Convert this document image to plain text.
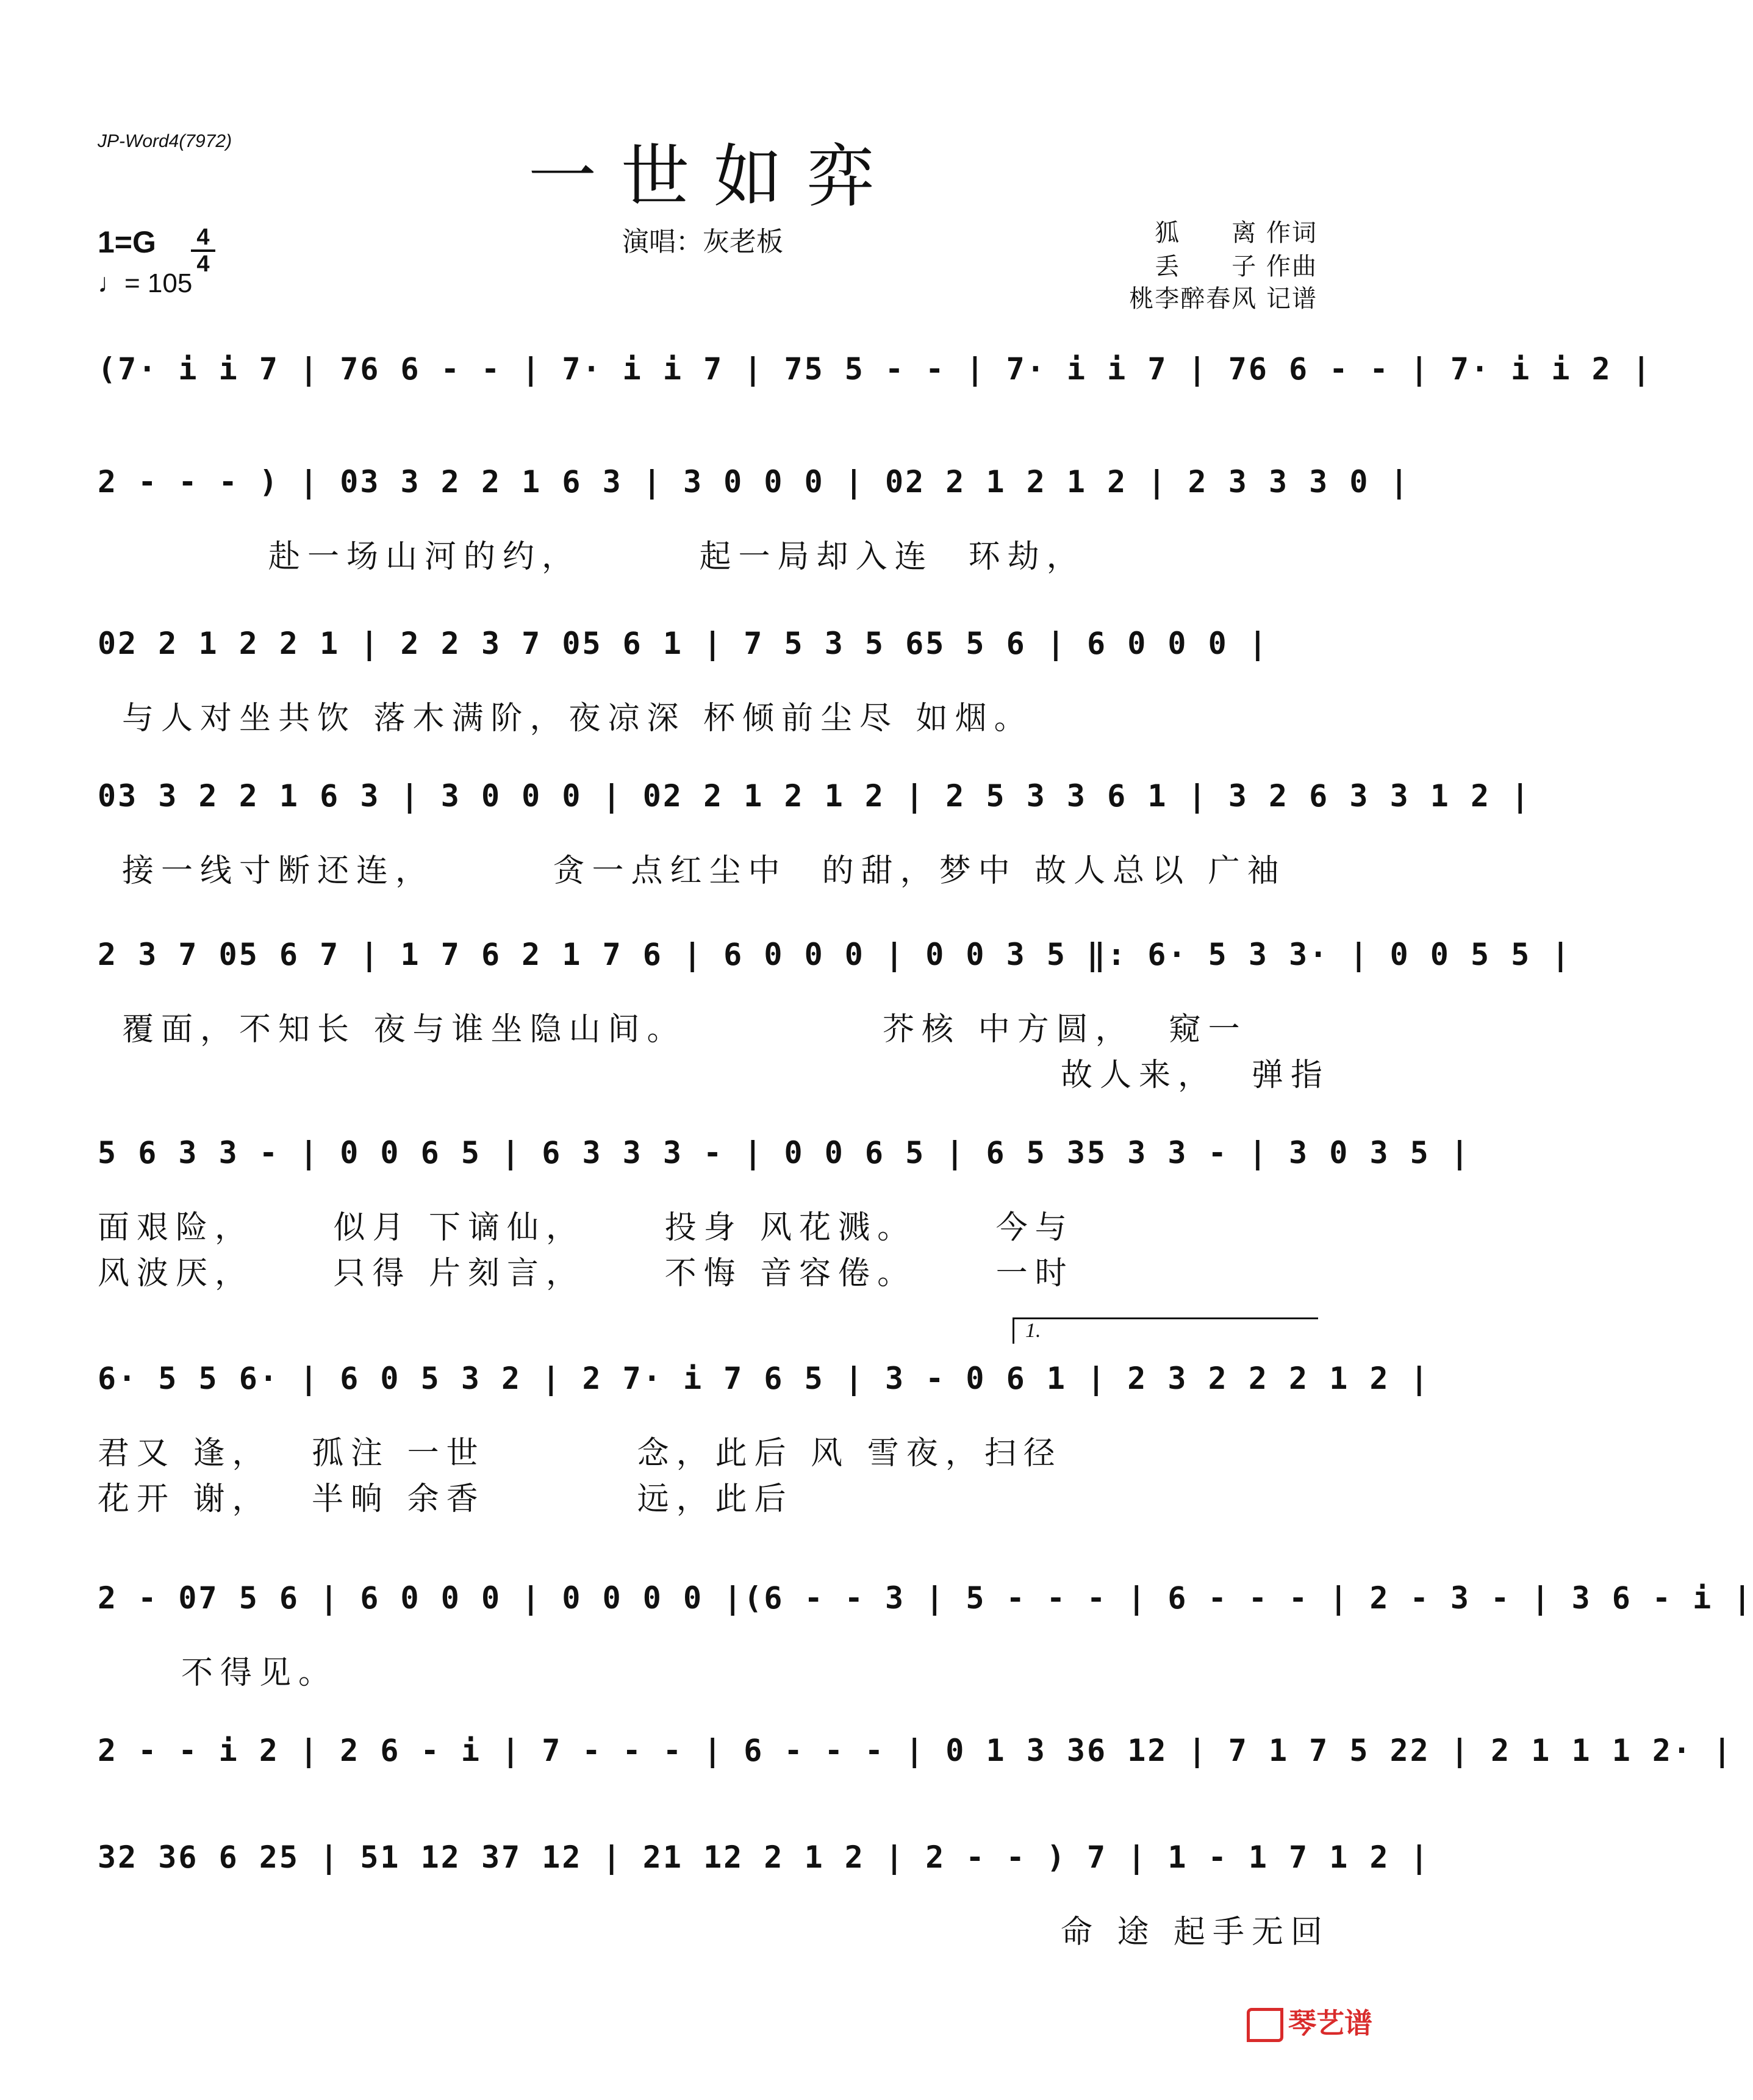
JP-Word4(7972)	一世如弈
演唱：灰老板
1=G 4
4
♩= 105
狐　　离 作词
丢　　子 作曲
桃李醉春风 记谱
(7· i i 7 | 76 6 - - | 7· i i 7 | 75 5 - - | 7· i i 7 | 76 6 - - | 7· i i 2 |
2 - - - ) | 03 3 2 2 1 6 3 | 3 0 0 0 | 02 2 1 2 1 2 | 2 3 3 3 0 |
赴一场山河的约，　　　 起一局却入连  环劫，
02 2 1 2 2 1 | 2 2 3 7 05 6 1 | 7 5 3 5 65 5 6 | 6 0 0 0 |
与人对坐共饮 落木满阶，夜凉深 杯倾前尘尽 如烟。
03 3 2 2 1 6 3 | 3 0 0 0 | 02 2 1 2 1 2 | 2 5 3 3 6 1 | 3 2 6 3 3 1 2 |
接一线寸断还连，　　　 贪一点红尘中  的甜，梦中 故人总以 广袖
2 3 7 05 6 7 | 1 7 6 2 1 7 6 | 6 0 0 0 | 0 0 3 5 ‖: 6· 5 3 3· | 0 0 5 5 |
覆面，不知长 夜与谁坐隐山间。　　　　　 芥核 中方圆，  窥一
故人来，  弹指
5 6 3 3 - | 0 0 6 5 | 6 3 3 3 - | 0 0 6 5 | 6 5 35 3 3 - | 3 0 3 5 |
面艰险，　　 似月 下谪仙，　　 投身 风花溅。　　 今与
风波厌，　　 只得 片刻言，　　 不悔 音容倦。　　 一时
1.
6· 5 5 6· | 6 0 5 3 2 | 2 7· i 7 6 5 | 3 - 0 6 1 | 2 3 2 2 2 1 2 |
君又 逢，　 孤注 一世　　　  念，此后 风 雪夜，扫径
花开 谢，　 半晌 余香　　　  远，此后
2 - 07 5 6 | 6 0 0 0 | 0 0 0 0 |(6 - - 3 | 5 - - - | 6 - - - | 2 - 3 - | 3 6 - i |
不得见。
2 - - i 2 | 2 6 - i | 7 - - - | 6 - - - | 0 1 3 36 12 | 7 1 7 5 22 | 2 1 1 1 2· |
32 36 6 25 | 51 12 37 12 | 21 12 2 1 2 | 2 - - ) 7 | 1 - 1 7 1 2 |
命 途 起手无回
琴艺谱
